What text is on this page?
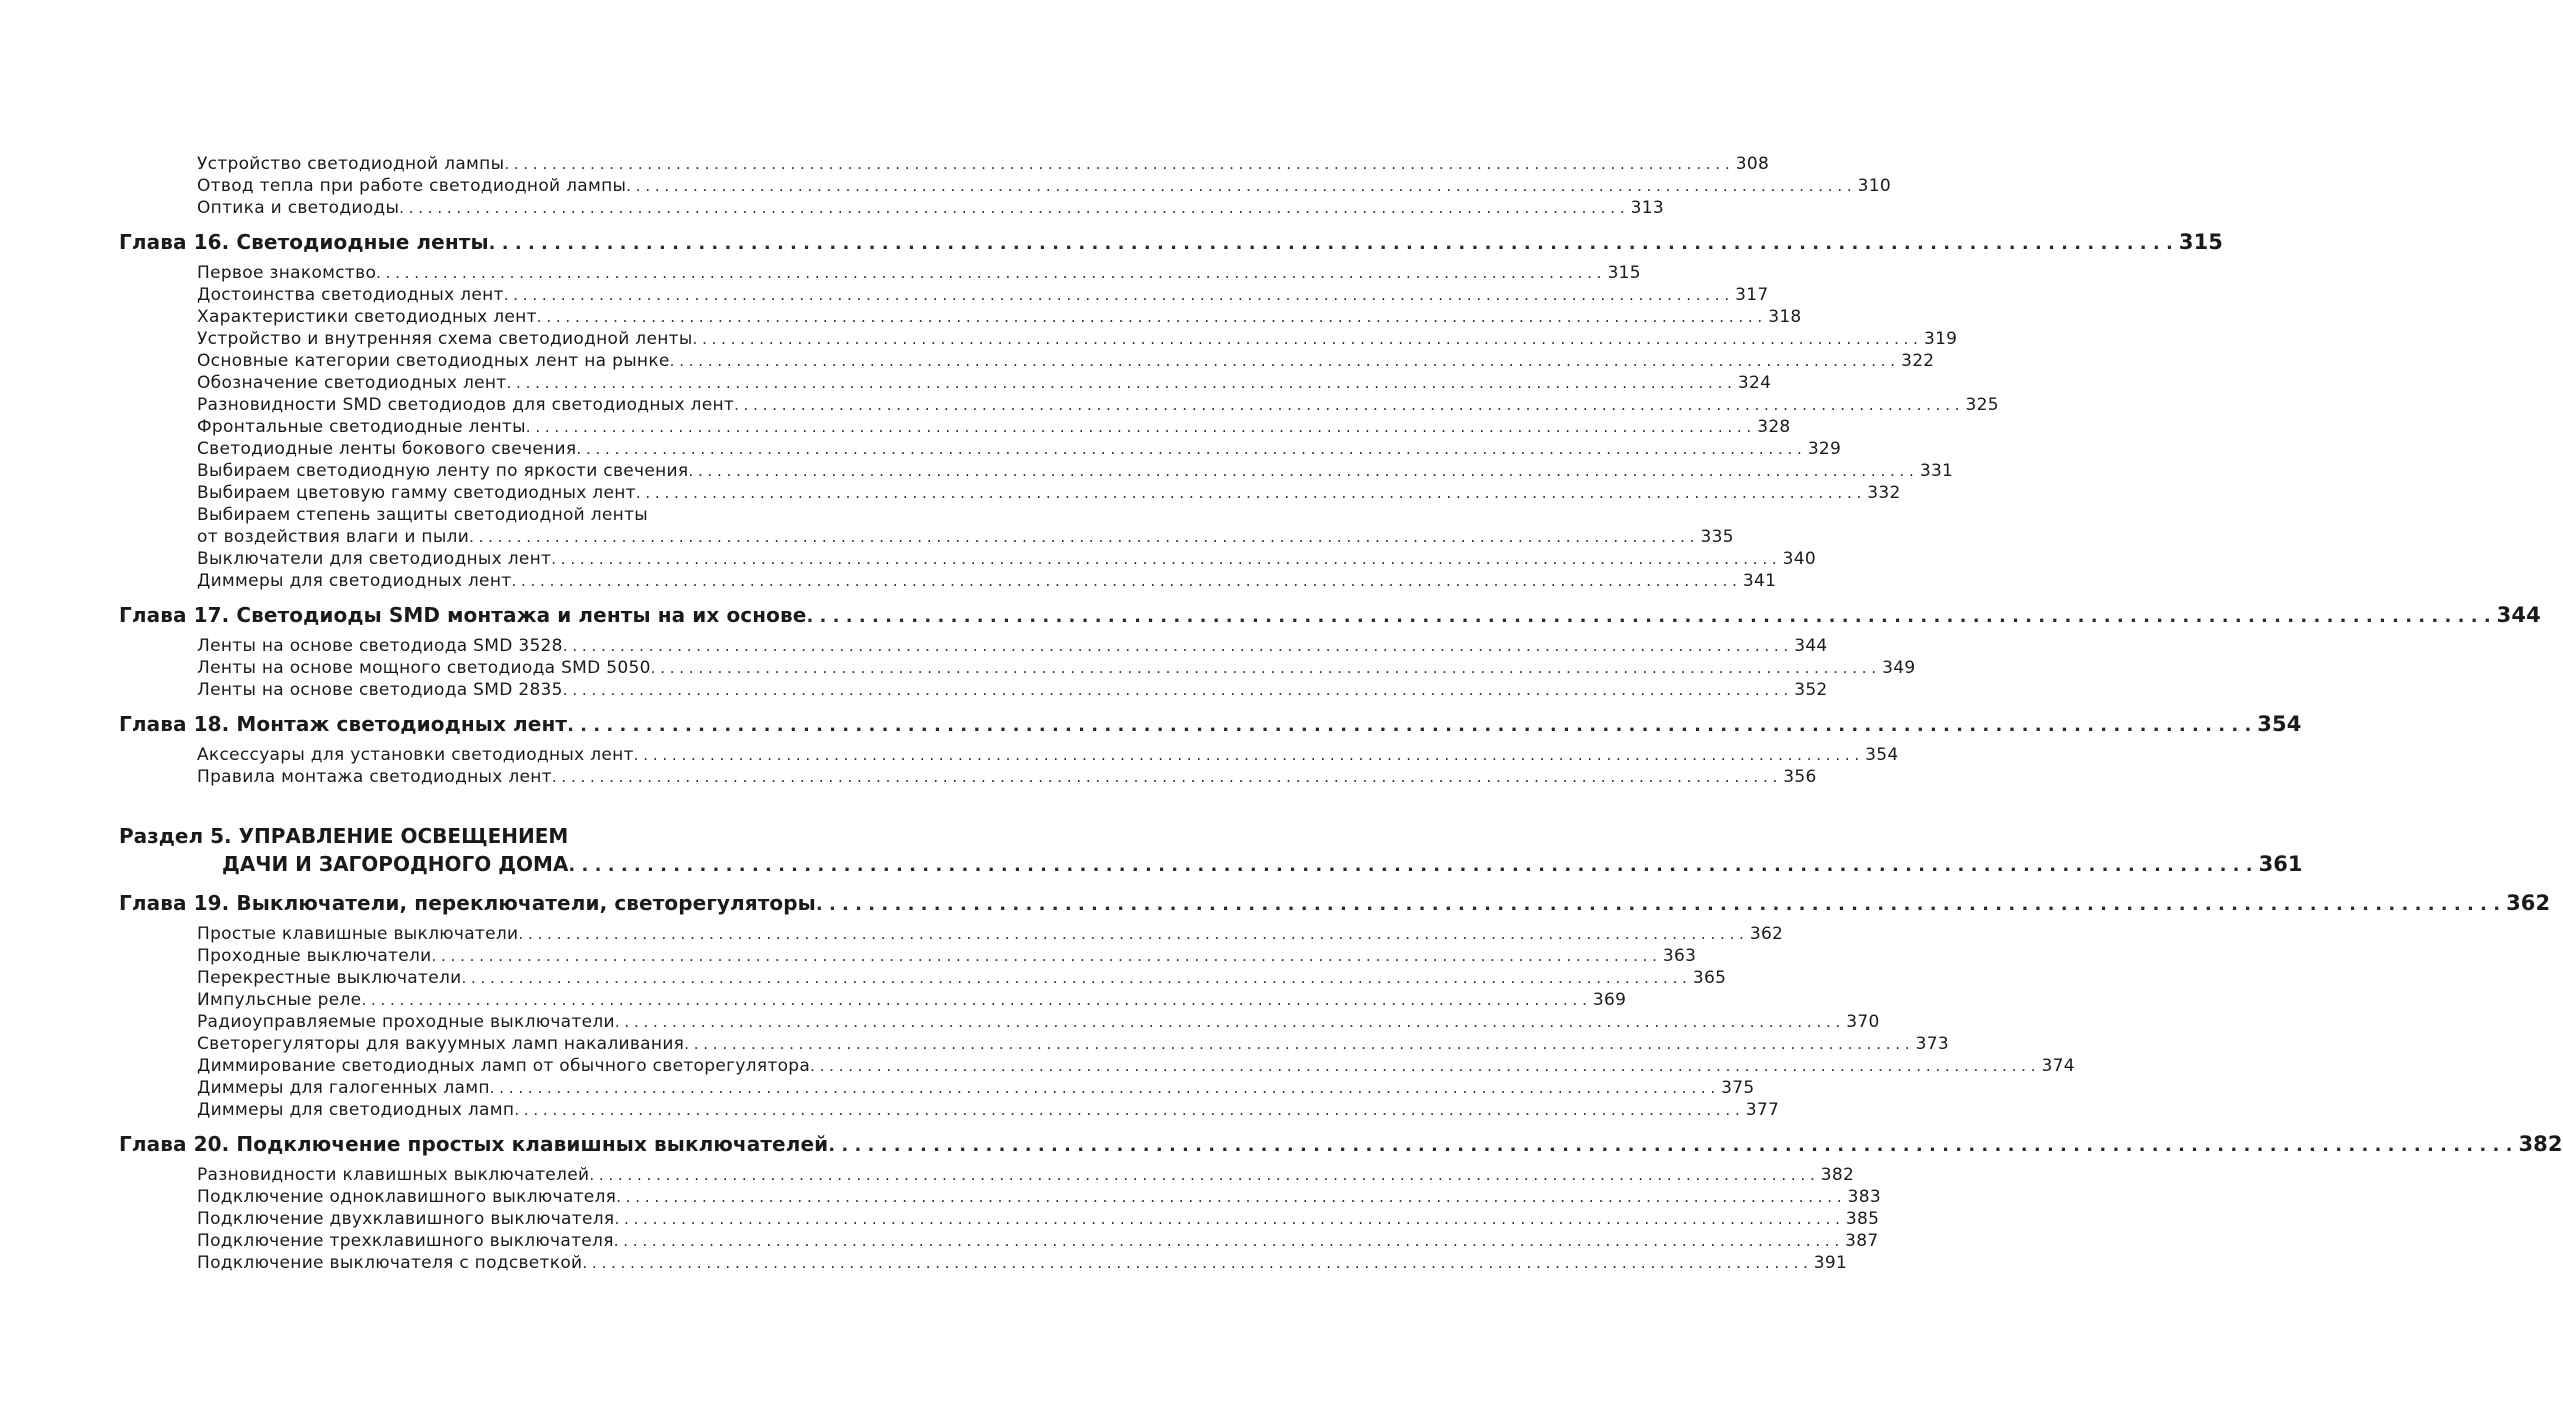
Устройство светодиодной лампы . . .	308
Отвод тепла при работе светодиодной лампы . . .	310
Оптика и светодиоды . . .	313
Глава 16. Светодиодные ленты . . .	315
Первое знакомство . . .	315
Достоинства светодиодных лент . . .	317
Характеристики светодиодных лент . . .	318
Устройство и внутренняя схема светодиодной ленты . . .	319
Основные категории светодиодных лент на рынке . . .	322
Обозначение светодиодных лент . . .	324
Разновидности SMD светодиодов для светодиодных лент . . .	325
Фронтальные светодиодные ленты . . .	328
Светодиодные ленты бокового свечения . . .	329
Выбираем светодиодную ленту по яркости свечения . . .	331
Выбираем цветовую гамму светодиодных лент . . .	332
Выбираем степень защиты светодиодной ленты
от воздействия влаги и пыли . . .	335
Выключатели для светодиодных лент . . .	340
Диммеры для светодиодных лент . . .	341
Глава 17. Светодиоды SMD монтажа и ленты на их основе . . .	344
Ленты на основе светодиода SMD 3528 . . .	344
Ленты на основе мощного светодиода SMD 5050 . . .	349
Ленты на основе светодиода SMD 2835 . . .	352
Глава 18. Монтаж светодиодных лент . . .	354
Аксессуары для установки светодиодных лент . . .	354
Правила монтажа светодиодных лент . . .	356
Раздел 5. УПРАВЛЕНИЕ ОСВЕЩЕНИЕМ
ДАЧИ И ЗАГОРОДНОГО ДОМА . . .	361
Глава 19. Выключатели, переключатели, светорегуляторы . . .	362
Простые клавишные выключатели . . .	362
Проходные выключатели . . .	363
Перекрестные выключатели . . .	365
Импульсные реле . . .	369
Радиоуправляемые проходные выключатели . . .	370
Светорегуляторы для вакуумных ламп накаливания . . .	373
Диммирование светодиодных ламп от обычного светорегулятора . . .	374
Диммеры для галогенных ламп . . .	375
Диммеры для светодиодных ламп . . .	377
Глава 20. Подключение простых клавишных выключателей . . .	382
Разновидности клавишных выключателей . . .	382
Подключение одноклавишного выключателя . . .	383
Подключение двухклавишного выключателя . . .	385
Подключение трехклавишного выключателя . . .	387
Подключение выключателя с подсветкой . . .	391
